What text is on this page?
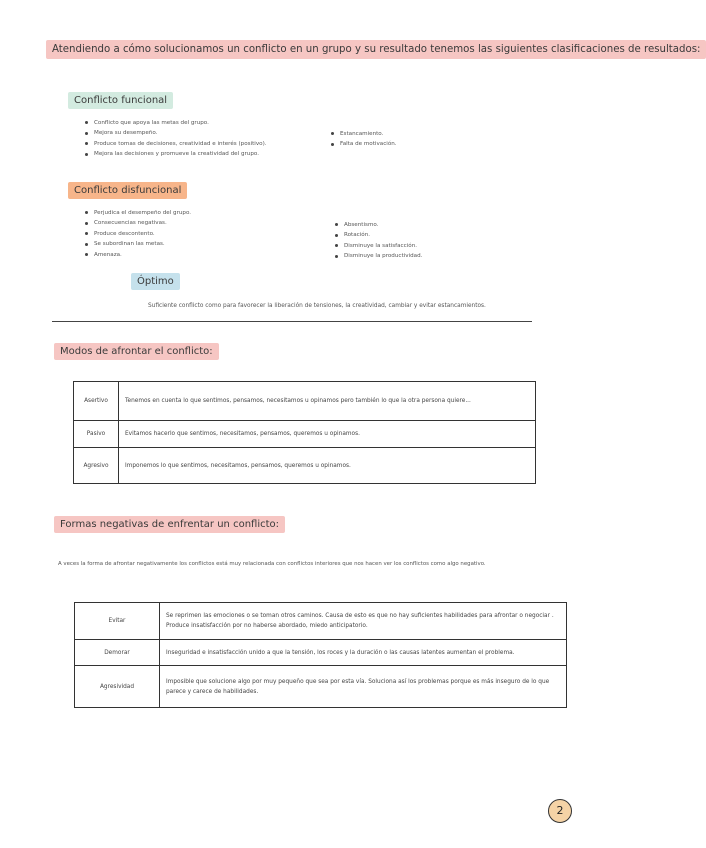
Atendiendo a cómo solucionamos un conflicto en un grupo y su resultado tenemos las siguientes clasificaciones de resultados:
Conflicto funcional
Conflicto que apoya las metas del grupo.
Mejora su desempeño.
Produce tomas de decisiones, creatividad e interés (positivo).
Mejora las decisiones y promueve la creatividad del grupo.
Estancamiento.
Falta de motivación.
Conflicto disfuncional
Perjudica el desempeño del grupo.
Consecuencias negativas.
Produce descontento.
Se subordinan las metas.
Amenaza.
Absentismo.
Rotación.
Disminuye la satisfacción.
Disminuye la productividad.
Óptimo
Suficiente conflicto como para favorecer la liberación de tensiones, la creatividad, cambiar y evitar estancamientos.
Modos de afrontar el conflicto:
Asertivo	Tenemos en cuenta lo que sentimos, pensamos, necesitamos u opinamos pero también lo que la otra persona quiere...
Pasivo	Evitamos hacerlo que sentimos, necesitamos, pensamos, queremos u opinamos.
Agresivo	Imponemos lo que sentimos, necesitamos, pensamos, queremos u opinamos.
Formas negativas de enfrentar un conflicto:
A veces la forma de afrontar negativamente los conflictos está muy relacionada con conflictos interiores que nos hacen ver los conflictos como algo negativo.
Evitar	Se reprimen las emociones o se toman otros caminos. Causa de esto es que no hay suficientes habilidades para afrontar o negociar . Produce insatisfacción por no haberse abordado, miedo anticipatorio.
Demorar	Inseguridad e insatisfacción unido a que la tensión, los roces y la duración o las causas latentes aumentan el problema.
Agresividad	Imposible que solucione algo por muy pequeño que sea por esta vía. Soluciona así los problemas porque es más inseguro de lo que parece y carece de habilidades.
2
